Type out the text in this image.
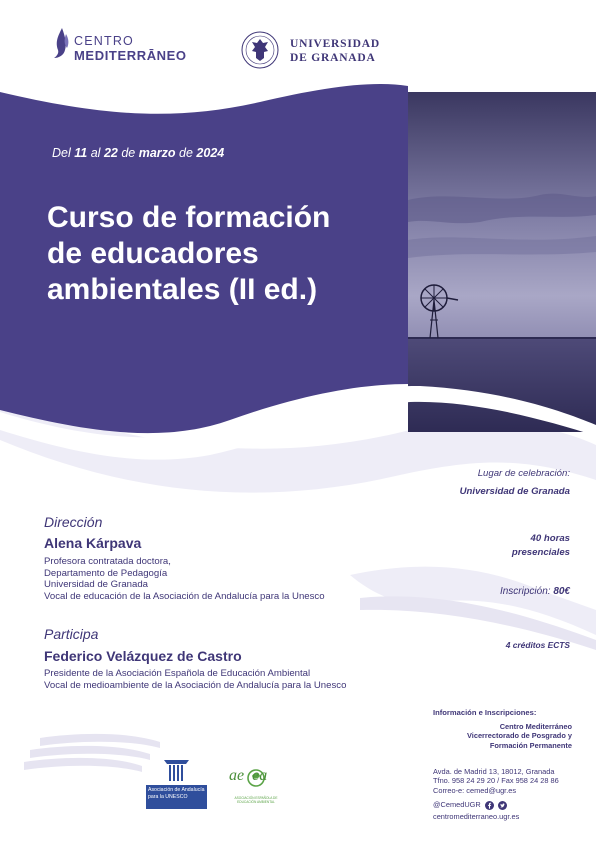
CENTRO
MEDITERRĀNEO
UNIVERSIDAD
DE GRANADA
Del 11 al 22 de marzo de 2024
Curso de formación
de educadores
ambientales (II ed.)
Lugar de celebración:
Universidad de Granada
40 horas
presenciales
Inscripción: 80€
4 créditos ECTS
Dirección
Alena Kárpava
Profesora contratada doctora,
Departamento de Pedagogía
Universidad de Granada
Vocal de educación de la Asociación de Andalucía para la Unesco
Participa
Federico Velázquez de Castro
Presidente de la Asociación Española de Educación Ambiental
Vocal de medioambiente de la Asociación de Andalucía para la Unesco
Información e Inscripciones:
Centro Mediterráneo
Vicerrectorado de Posgrado y
Formación Permanente
Avda. de Madrid 13, 18012, Granada
Tfno. 958 24 29 20 / Fax 958 24 28 86
Correo-e: cemed@ugr.es
@CemedUGR
centromediterraneo.ugr.es
Asociación de Andalucía
para la UNESCO
ae  ea
ASOCIACIÓN ESPAÑOLA DE EDUCACIÓN AMBIENTAL
